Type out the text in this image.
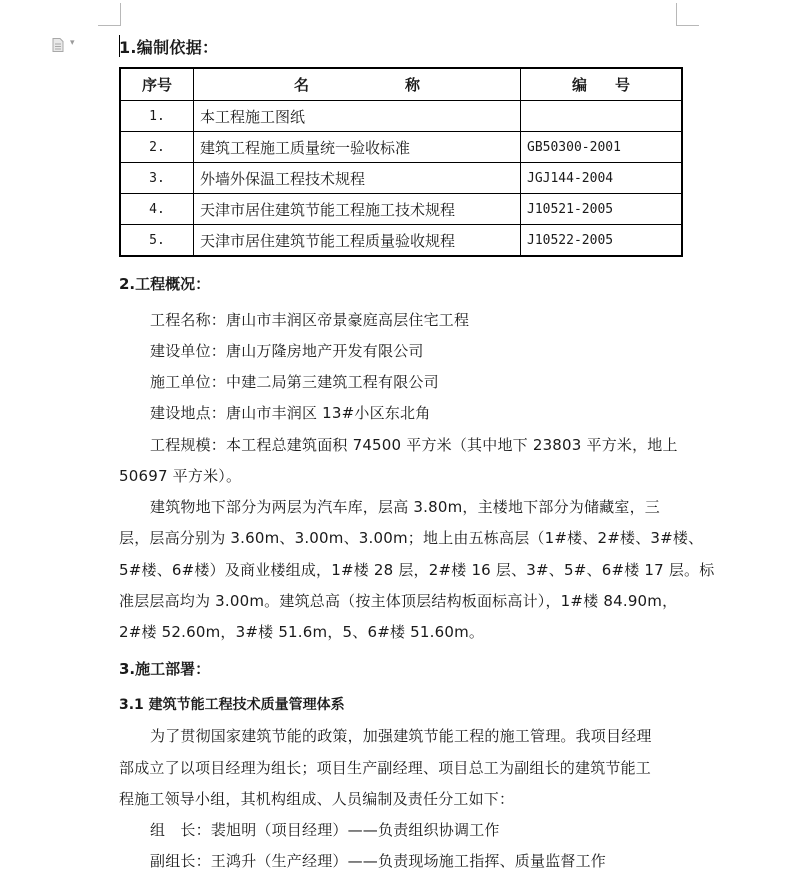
▾	1.编制依据：
序号	名 称	编 号
1.	本工程施工图纸	
2.	建筑工程施工质量统一验收标准	GB50300-2001
3.	外墙外保温工程技术规程	JGJ144-2004
4.	天津市居住建筑节能工程施工技术规程	J10521-2005
5.	天津市居住建筑节能工程质量验收规程	J10522-2005
2.工程概况：
工程名称：唐山市丰润区帝景豪庭高层住宅工程
建设单位：唐山万隆房地产开发有限公司
施工单位：中建二局第三建筑工程有限公司
建设地点：唐山市丰润区 13#小区东北角
工程规模：本工程总建筑面积 74500 平方米（其中地下 23803 平方米，地上
50697 平方米）。
建筑物地下部分为两层为汽车库，层高 3.80m，主楼地下部分为储藏室，三
层，层高分别为 3.60m、3.00m、3.00m；地上由五栋高层（1#楼、2#楼、3#楼、
5#楼、6#楼）及商业楼组成，1#楼 28 层，2#楼 16 层、3#、5#、6#楼 17 层。标
准层层高均为 3.00m。建筑总高（按主体顶层结构板面标高计），1#楼 84.90m，
2#楼 52.60m，3#楼 51.6m，5、6#楼 51.60m。
3.施工部署：
3.1 建筑节能工程技术质量管理体系
为了贯彻国家建筑节能的政策，加强建筑节能工程的施工管理。我项目经理
部成立了以项目经理为组长；项目生产副经理、项目总工为副组长的建筑节能工
程施工领导小组，其机构组成、人员编制及责任分工如下：
组　长：裴旭明（项目经理）——负责组织协调工作
副组长：王鸿升（生产经理）——负责现场施工指挥、质量监督工作
